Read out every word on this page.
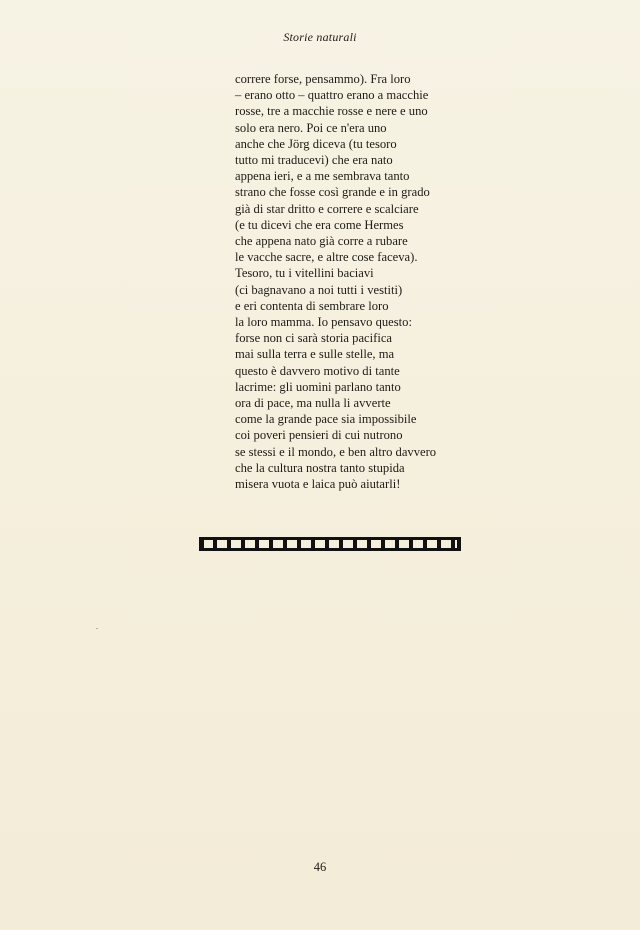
Storie naturali
correre forse, pensammo). Fra loro
– erano otto – quattro erano a macchie
rosse, tre a macchie rosse e nere e uno
solo era nero. Poi ce n'era uno
anche che Jörg diceva (tu tesoro
tutto mi traducevi) che era nato
appena ieri, e a me sembrava tanto
strano che fosse così grande e in grado
già di star dritto e correre e scalciare
(e tu dicevi che era come Hermes
che appena nato già corre a rubare
le vacche sacre, e altre cose faceva).
Tesoro, tu i vitellini baciavi
(ci bagnavano a noi tutti i vestiti)
e eri contenta di sembrare loro
la loro mamma. Io pensavo questo:
forse non ci sarà storia pacifica
mai sulla terra e sulle stelle, ma
questo è davvero motivo di tante
lacrime: gli uomini parlano tanto
ora di pace, ma nulla li avverte
come la grande pace sia impossibile
coi poveri pensieri di cui nutrono
se stessi e il mondo, e ben altro davvero
che la cultura nostra tanto stupida
misera vuota e laica può aiutarli!
46
